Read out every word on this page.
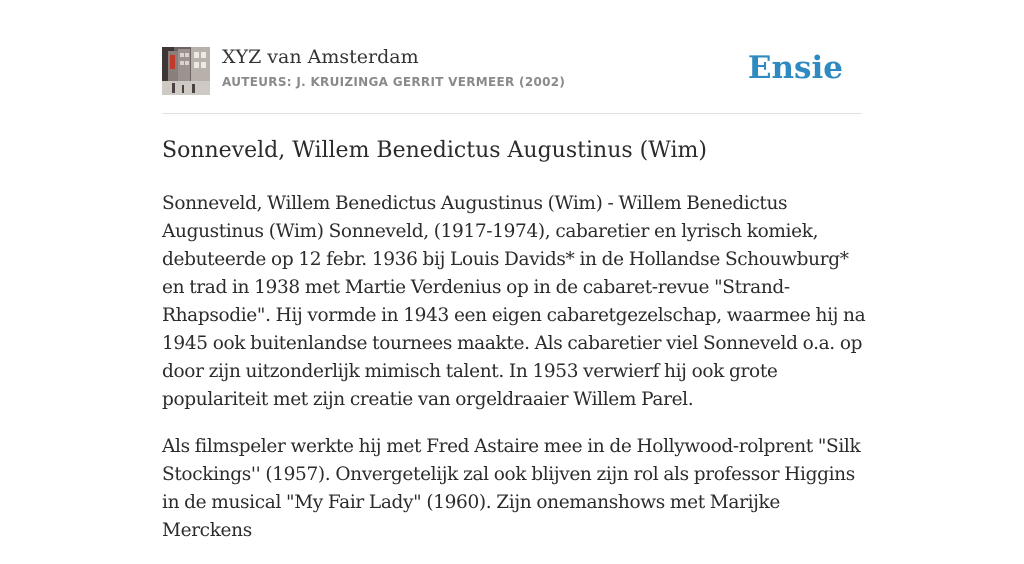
XYZ van Amsterdam
AUTEURS: J. KRUIZINGA GERRIT VERMEER (2002)	Ensie
Sonneveld, Willem Benedictus Augustinus (Wim)

Sonneveld, Willem Benedictus Augustinus (Wim) - Willem Benedictus Augustinus (Wim) Sonneveld, (1917-1974), cabaretier en lyrisch komiek, debuteerde op 12 febr. 1936 bij Louis Davids* in de Hollandse Schouwburg* en trad in 1938 met Martie Verdenius op in de cabaret-revue "Strand-Rhapsodie". Hij vormde in 1943 een eigen cabaretgezelschap, waarmee hij na 1945 ook buitenlandse tournees maakte. Als cabaretier viel Sonneveld o.a. op door zijn uitzonderlijk mimisch talent. In 1953 verwierf hij ook grote populariteit met zijn creatie van orgeldraaier Willem Parel.

Als filmspeler werkte hij met Fred Astaire mee in de Hollywood-rolprent "Silk Stockings'' (1957). Onvergetelijk zal ook blijven zijn rol als professor Higgins in de musical "My Fair Lady" (1960). Zijn onemanshows met Marijke Merckens
